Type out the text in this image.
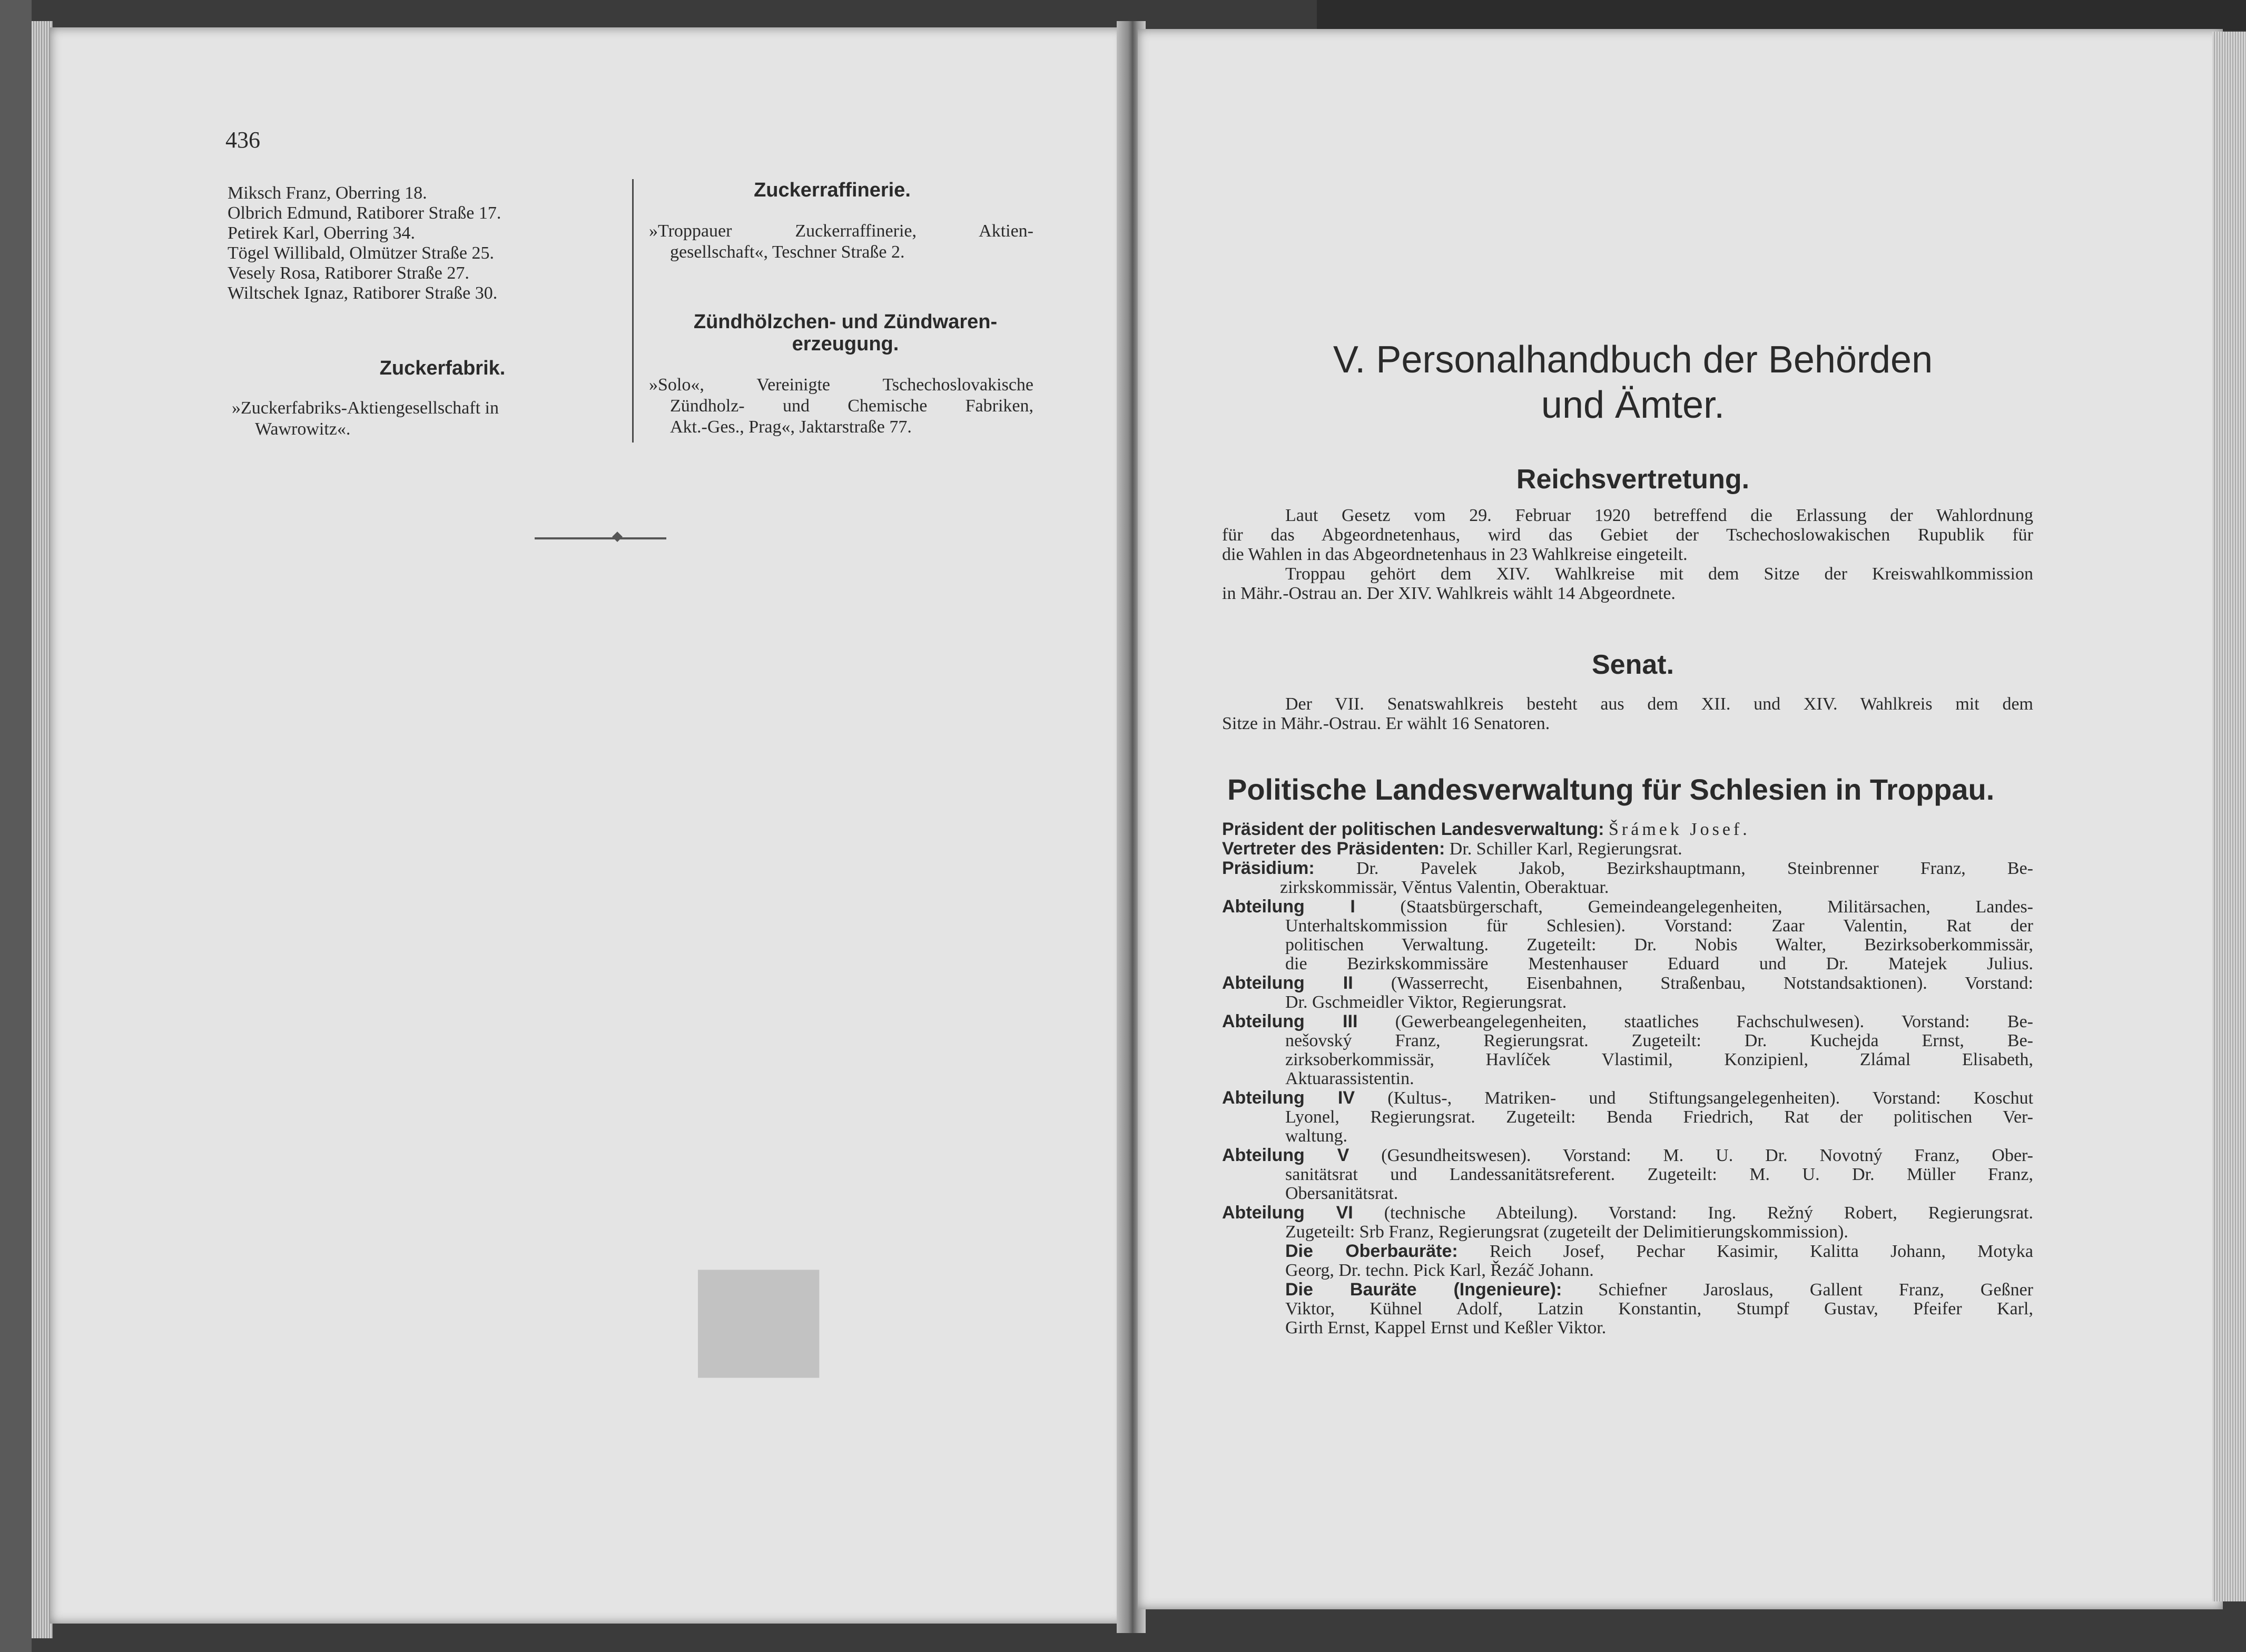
▆
436
Miksch Franz, Oberring 18.
Olbrich Edmund, Ratiborer Straße 17.
Petirek Karl, Oberring 34.
Tögel Willibald, Olmützer Straße 25.
Vesely Rosa, Ratiborer Straße 27.
Wiltschek Ignaz, Ratiborer Straße 30.
Zuckerfabrik.
»Zuckerfabriks-Aktiengesellschaft in
Wawrowitz«.
Zuckerraffinerie.
»Troppauer Zuckerraffinerie, Aktien-
gesellschaft«, Teschner Straße 2.
Zündhölzchen- und Zündwaren-
erzeugung.
»Solo«, Vereinigte Tschechoslovakische
Zündholz- und Chemische Fabriken,
Akt.-Ges., Prag«, Jaktarstraße 77.
V. Personalhandbuch der Behörden
und Ämter.
Reichsvertretung.
Laut Gesetz vom 29. Februar 1920 betreffend die Erlassung der Wahlordnung
für das Abgeordnetenhaus, wird das Gebiet der Tschechoslowakischen Rupublik für
die Wahlen in das Abgeordnetenhaus in 23 Wahlkreise eingeteilt.
Troppau gehört dem XIV. Wahlkreise mit dem Sitze der Kreiswahlkommission
in Mähr.-Ostrau an. Der XIV. Wahlkreis wählt 14 Abgeordnete.
Senat.
Der VII. Senatswahlkreis besteht aus dem XII. und XIV. Wahlkreis mit dem
Sitze in Mähr.-Ostrau. Er wählt 16 Senatoren.
Politische Landesverwaltung für Schlesien in Troppau.
Präsident der politischen Landesverwaltung: Šrámek Josef.
Vertreter des Präsidenten: Dr. Schiller Karl, Regierungsrat.
Präsidium: Dr. Pavelek Jakob, Bezirkshauptmann, Steinbrenner Franz, Be-
zirkskommissär, Věntus Valentin, Oberaktuar.
Abteilung I	(Staatsbürgerschaft, Gemeindeangelegenheiten, Militärsachen, Landes-
Unterhaltskommission für Schlesien). Vorstand: Zaar Valentin, Rat der
politischen Verwaltung. Zugeteilt: Dr. Nobis Walter, Bezirksoberkommissär,
die Bezirkskommissäre Mestenhauser Eduard und Dr. Matejek Julius.
Abteilung II (Wasserrecht, Eisenbahnen, Straßenbau, Notstandsaktionen). Vorstand:
Dr. Gschmeidler Viktor, Regierungsrat.
Abteilung III (Gewerbeangelegenheiten, staatliches Fachschulwesen). Vorstand: Be-
nešovský Franz, Regierungsrat. Zugeteilt: Dr. Kuchejda Ernst, Be-
zirksoberkommissär, Havlíček Vlastimil, Konzipienl, Zlámal Elisabeth,
Aktuarassistentin.
Abteilung IV (Kultus-, Matriken- und Stiftungsangelegenheiten). Vorstand: Koschut
Lyonel, Regierungsrat. Zugeteilt: Benda Friedrich, Rat der politischen Ver-
waltung.
Abteilung V (Gesundheitswesen). Vorstand: M. U. Dr. Novotný Franz, Ober-
sanitätsrat und Landessanitätsreferent. Zugeteilt: M. U. Dr. Müller Franz,
Obersanitätsrat.
Abteilung VI (technische Abteilung). Vorstand: Ing. Režný Robert, Regierungsrat.
Zugeteilt: Srb Franz, Regierungsrat (zugeteilt der Delimitierungskommission).
Die Oberbauräte: Reich Josef, Pechar Kasimir, Kalitta Johann, Motyka
Georg, Dr. techn. Pick Karl, Řezáč Johann.
Die Bauräte (Ingenieure): Schiefner Jaroslaus, Gallent Franz, Geßner
Viktor, Kühnel Adolf, Latzin Konstantin, Stumpf Gustav, Pfeifer Karl,
Girth Ernst, Kappel Ernst und Keßler Viktor.
